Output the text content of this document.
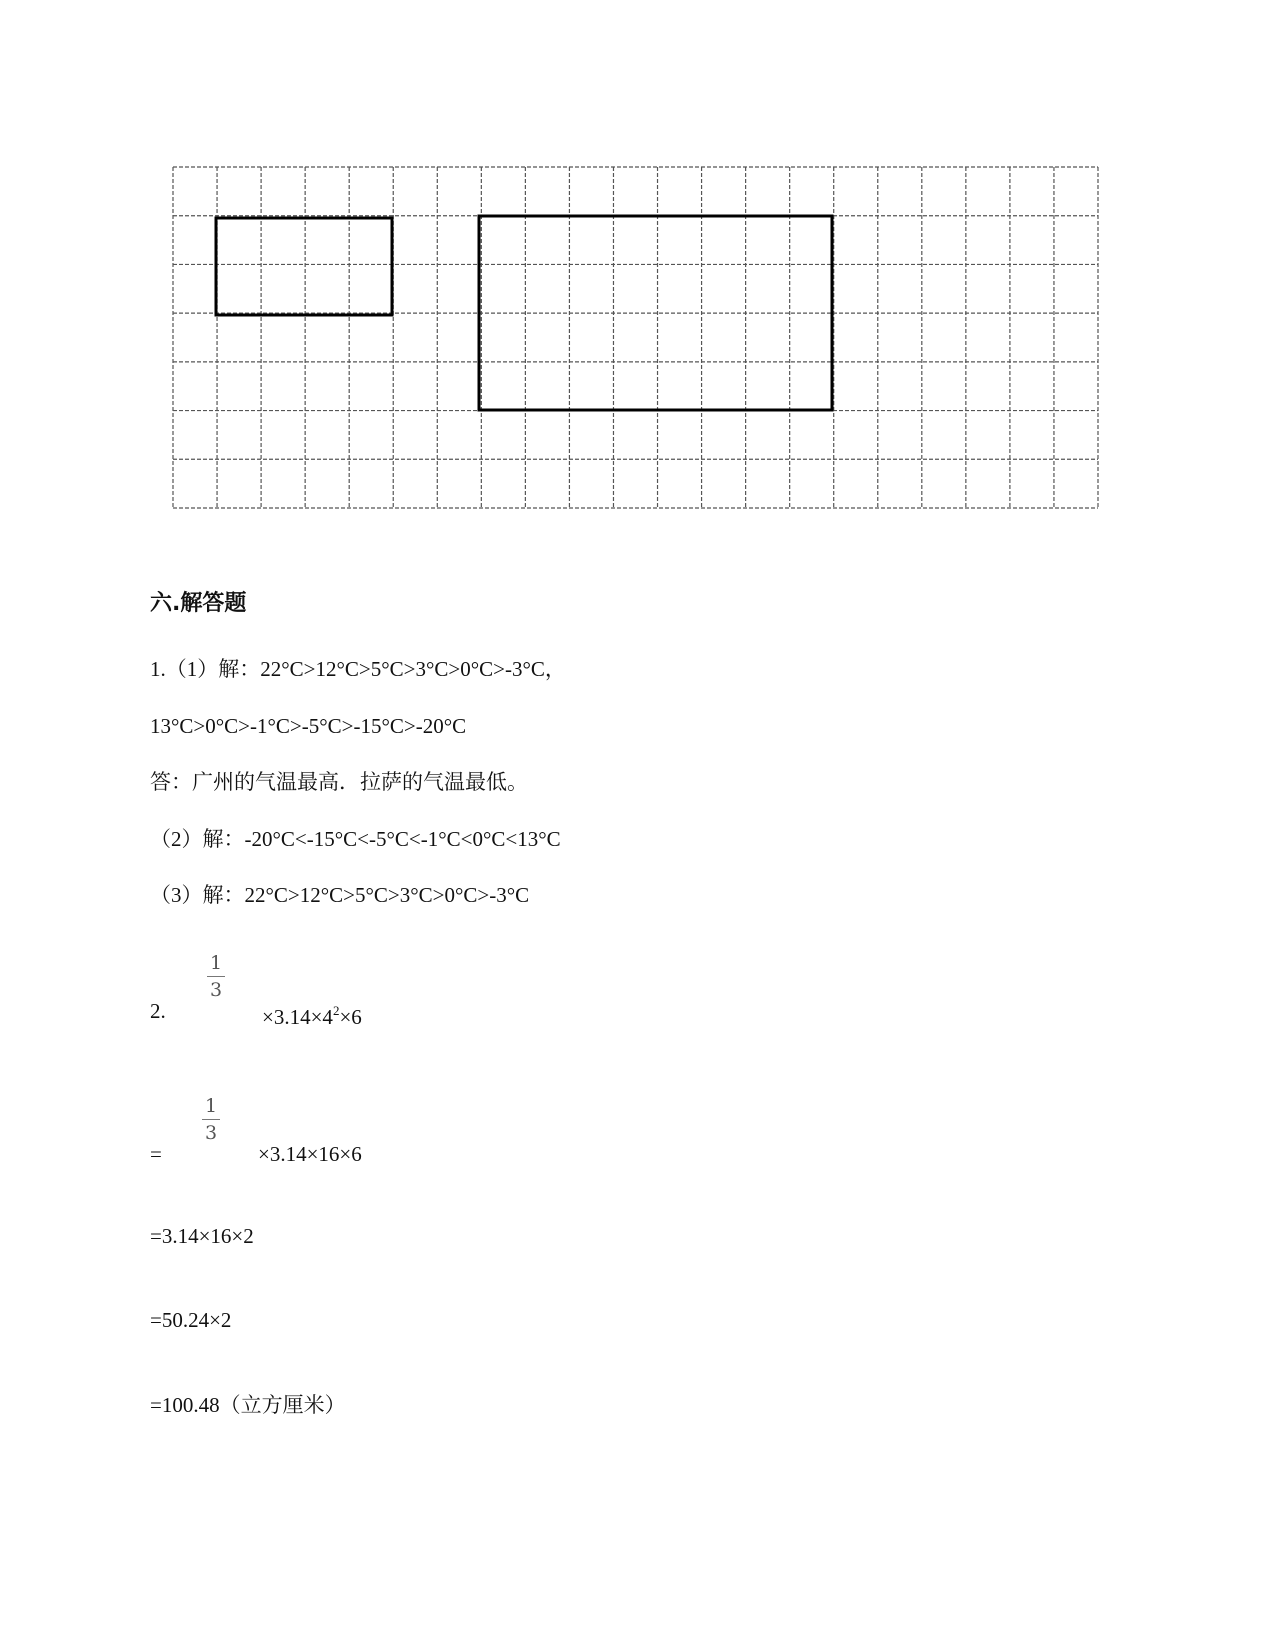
六.解答题
1.（1）解：22°C>12°C>5°C>3°C>0°C>-3°C，
13°C>0°C>-1°C>-5°C>-15°C>-20°C
答：广州的气温最高．拉萨的气温最低。
（2）解：-20°C<-15°C<-5°C<-1°C<0°C<13°C
（3）解：22°C>12°C>5°C>3°C>0°C>-3°C
2.
1
3
$\times 3.14\times 4^2\times 6$
=
1
3
×3.14×16×6
=3.14×16×2
=50.24×2
=100.48（立方厘米）
